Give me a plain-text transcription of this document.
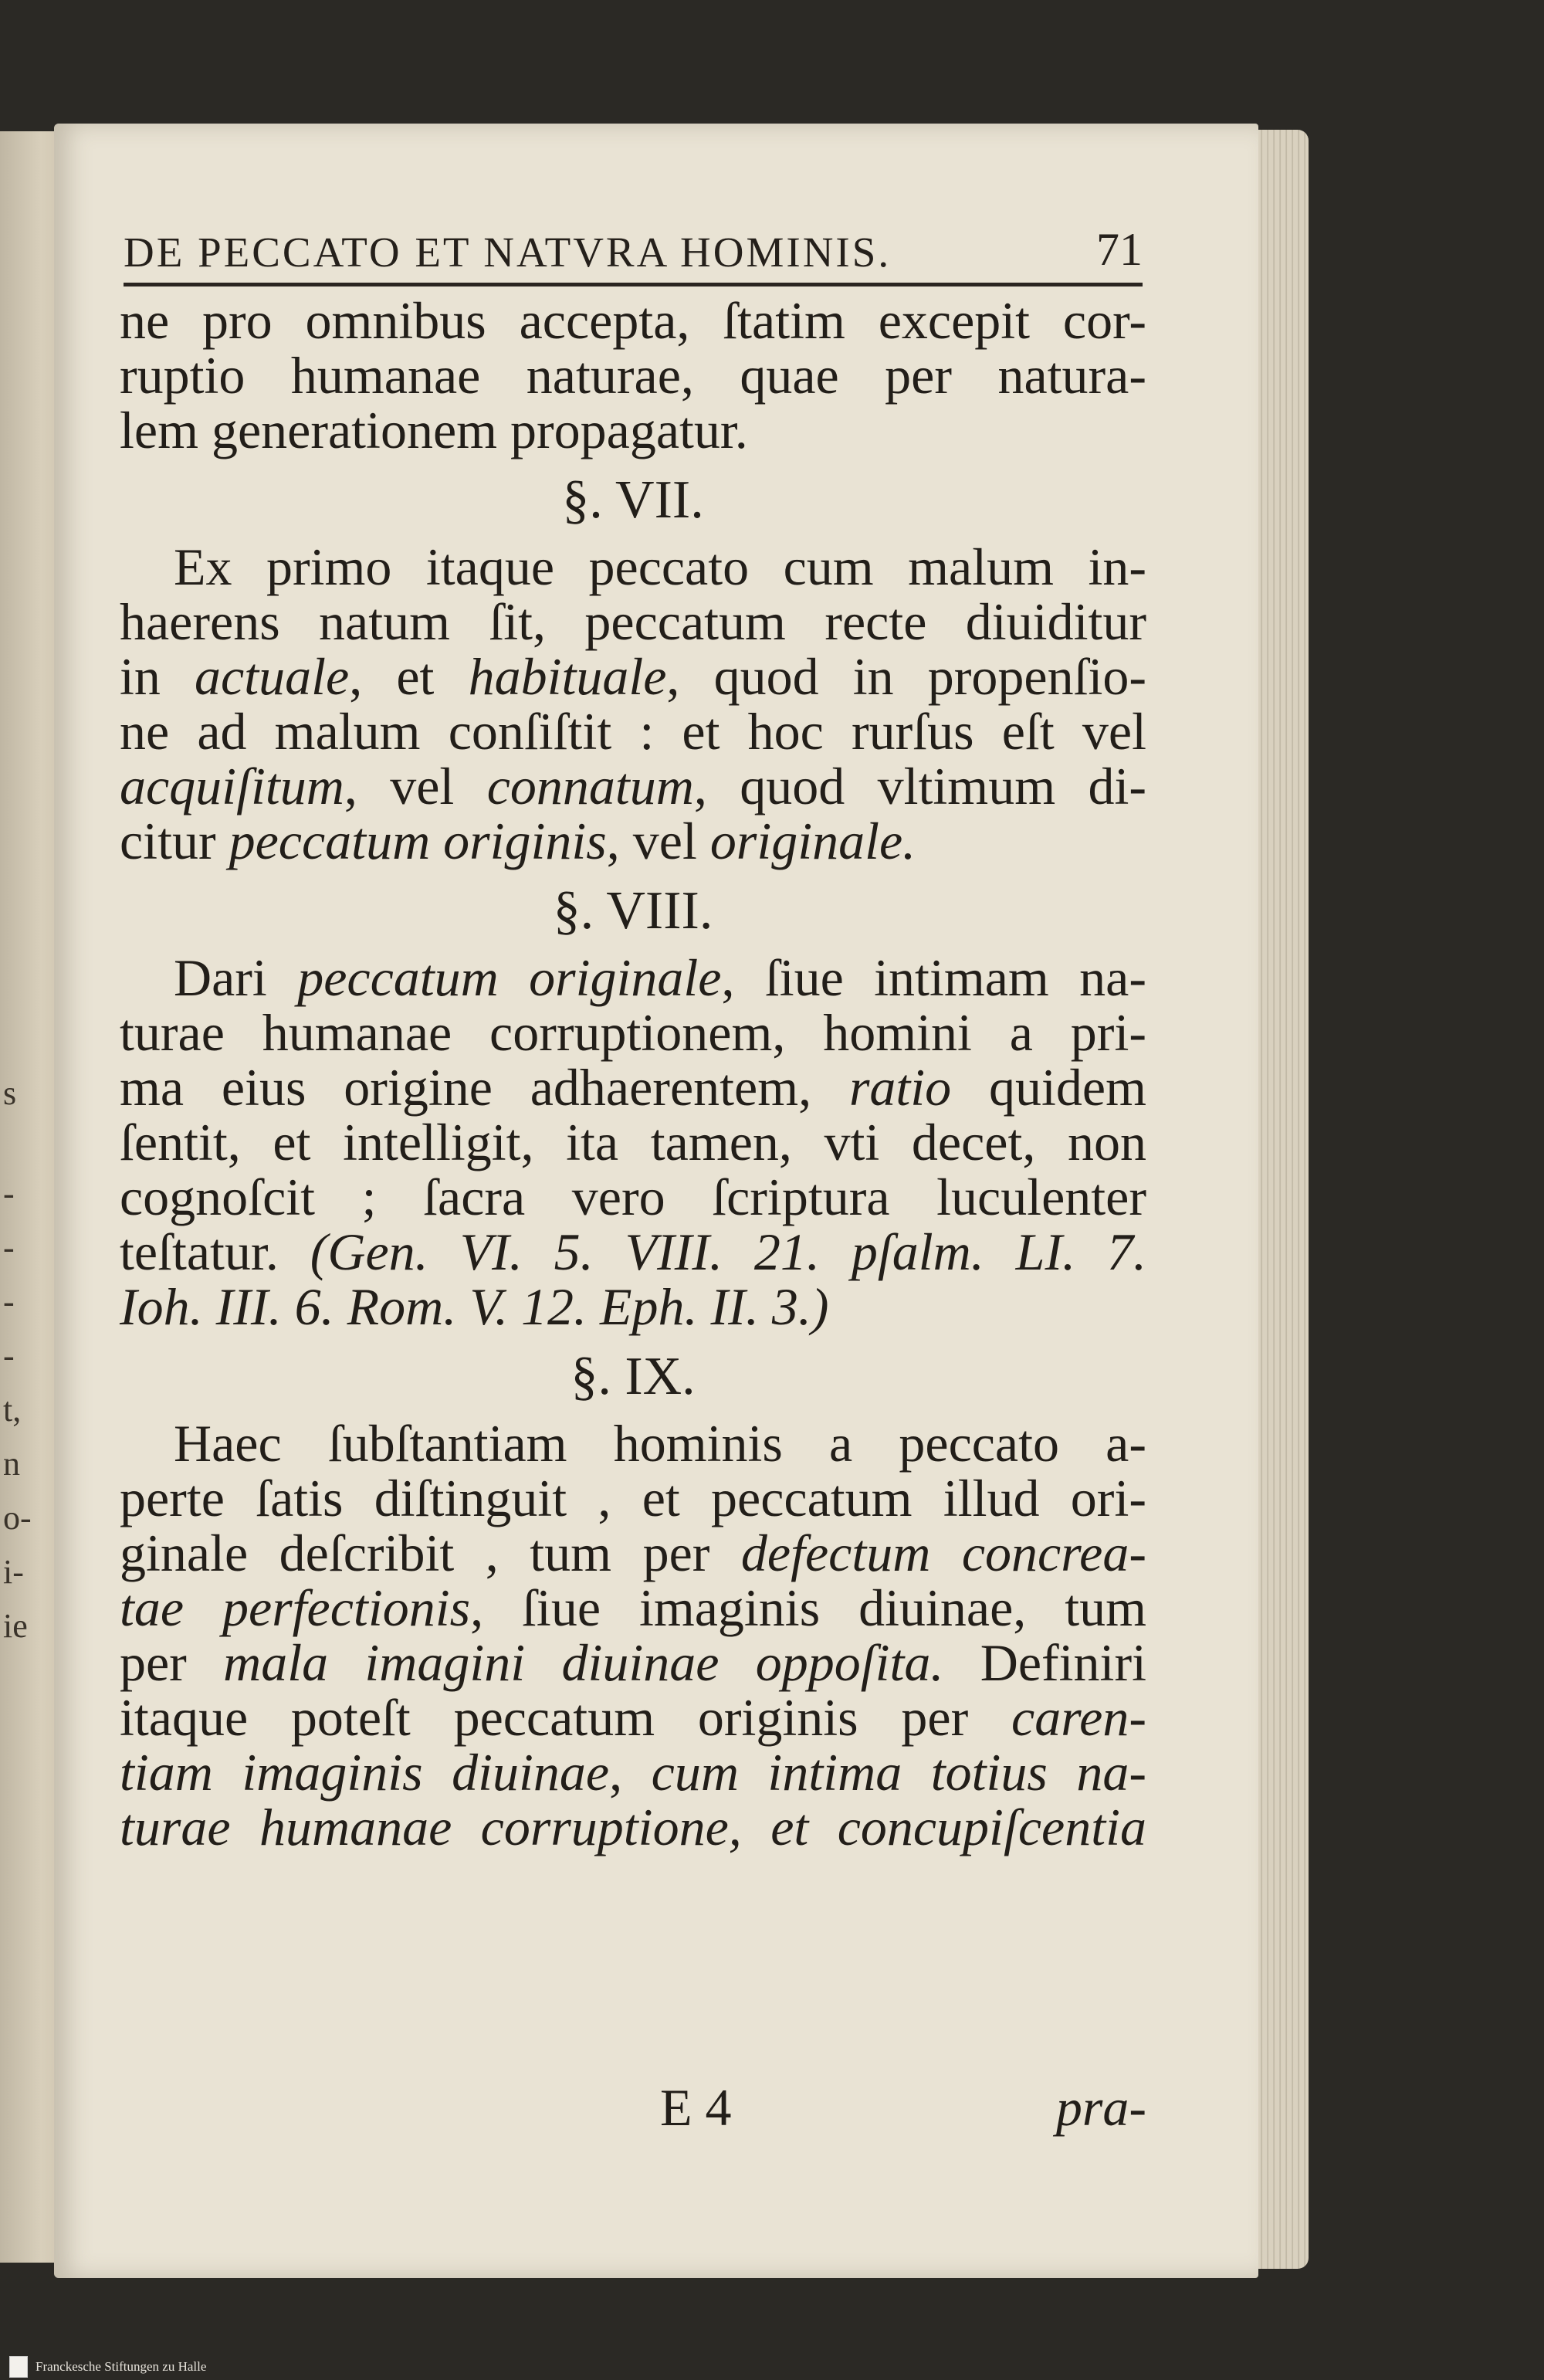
s
-
-
-
-
t,
n
o-
i-
ie
DE PECCATO ET NATVRA HOMINIS.	71
ne pro omnibus accepta, ſtatim excepit cor-
ruptio humanae naturae, quae per natura-
lem generationem propagatur.
§. VII.
Ex primo itaque peccato cum malum in-
haerens natum ſit, peccatum recte diuiditur
in actuale, et habituale, quod in propenſio-
ne ad malum conſiſtit : et hoc rurſus eſt vel
acquiſitum, vel connatum, quod vltimum di-
citur peccatum originis, vel originale.
§. VIII.
Dari peccatum originale, ſiue intimam na-
turae humanae corruptionem, homini a pri-
ma eius origine adhaerentem, ratio quidem
ſentit, et intelligit, ita tamen, vti decet, non
cognoſcit ; ſacra vero ſcriptura luculenter
teſtatur. (Gen. VI. 5. VIII. 21. pſalm. LI. 7.
Ioh. III. 6. Rom. V. 12. Eph. II. 3.)
§. IX.
Haec ſubſtantiam hominis a peccato a-
perte ſatis diſtinguit , et peccatum illud ori-
ginale deſcribit , tum per defectum concrea-
tae perfectionis, ſiue imaginis diuinae, tum
per mala imagini diuinae oppoſita. Definiri
itaque poteſt peccatum originis per caren-
tiam imaginis diuinae, cum intima totius na-
turae humanae corruptione, et concupiſcentia
E 4	pra-
Franckesche Stiftungen zu Halle
